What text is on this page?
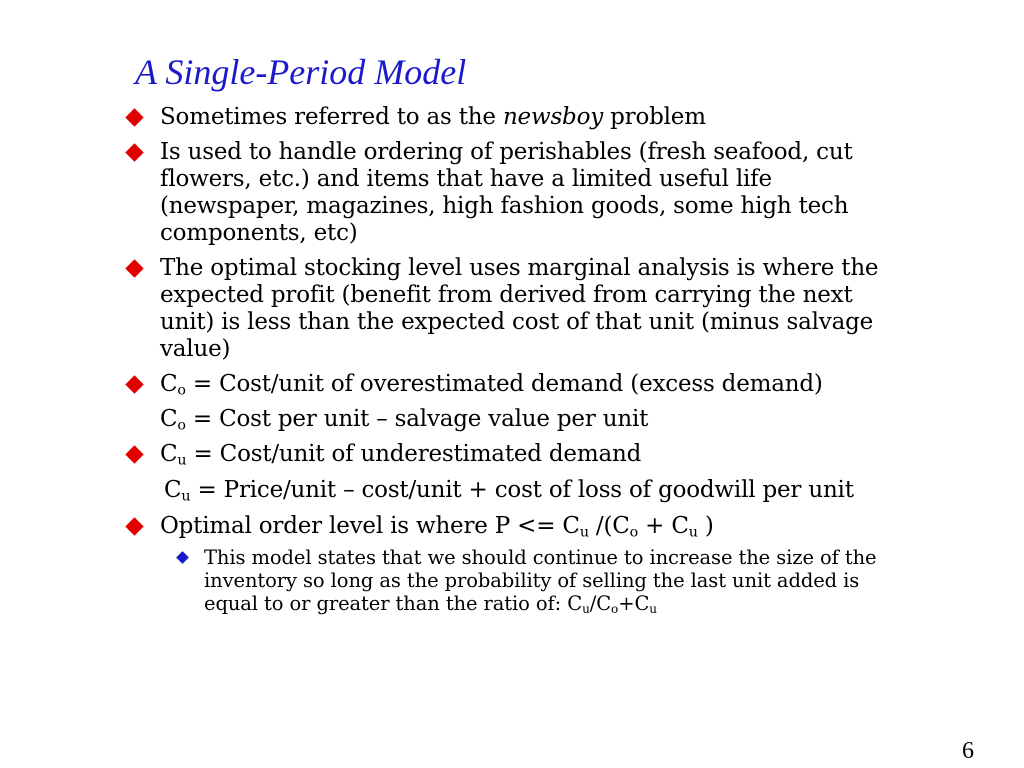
A Single-Period Model
Sometimes referred to as the newsboy problem
Is used to handle ordering of perishables (fresh seafood, cut
flowers, etc.) and items that have a limited useful life
(newspaper, magazines, high fashion goods, some high tech
components, etc)
The optimal stocking level uses marginal analysis is where the
expected profit (benefit from derived from carrying the next
unit) is less than the expected cost of that unit (minus salvage
value)
$C_o$ = Cost/unit of overestimated demand (excess demand)
$C_o$ = Cost per unit – salvage value per unit
$C_u$ = Cost/unit of underestimated demand
$C_u$ = Price/unit – cost/unit + cost of loss of goodwill per unit
Optimal order level is where $P <= C_u$ $/(C_o + C_u$ )
This model states that we should continue to increase the size of the
inventory so long as the probability of selling the last unit added is
equal to or greater than the ratio of: $C_u/C_o+C_u$
6
